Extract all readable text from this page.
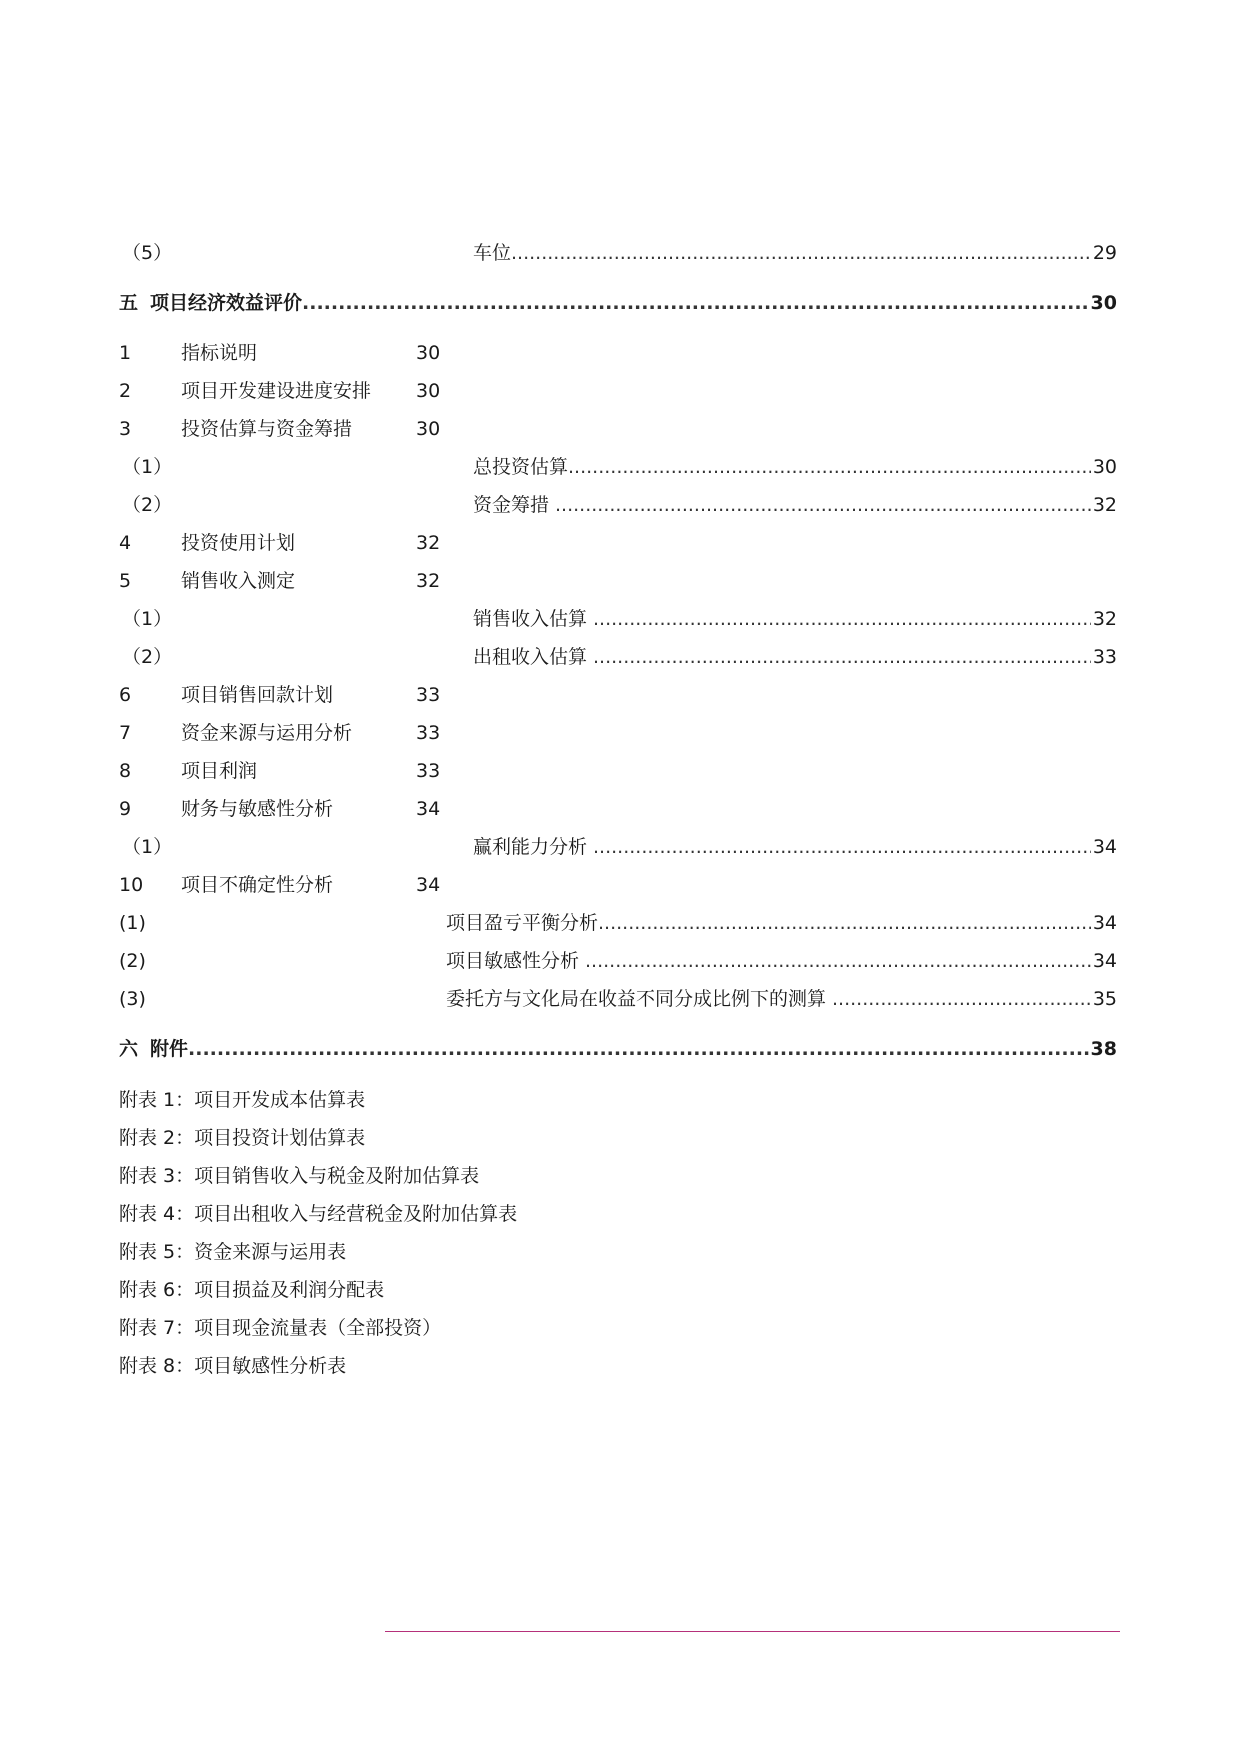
（5）	车位 .....	29
五 项目经济效益评价 .....	30
1	指标说明	30
2	项目开发建设进度安排 30
3	投资估算与资金筹措	30
（1）	总投资估算 .....	30
（2）	资金筹措 .....	32
4	投资使用计划	32
5	销售收入测定	32
（1）	销售收入估算 .....	32
（2）	出租收入估算 .....	33
6	项目销售回款计划	33
7	资金来源与运用分析	33
8	项目利润	33
9	财务与敏感性分析	34
（1）	赢利能力分析 .....	34
10 项目不确定性分析	34
(1)	项目盈亏平衡分析 .....	34
(2)	项目敏感性分析 .....	34
(3)	委托方与文化局在收益不同分成比例下的测算 .....	35
六 附件 .....	38
附表 1：项目开发成本估算表
附表 2：项目投资计划估算表
附表 3：项目销售收入与税金及附加估算表
附表 4：项目出租收入与经营税金及附加估算表
附表 5：资金来源与运用表
附表 6：项目损益及利润分配表
附表 7：项目现金流量表（全部投资）
附表 8：项目敏感性分析表
